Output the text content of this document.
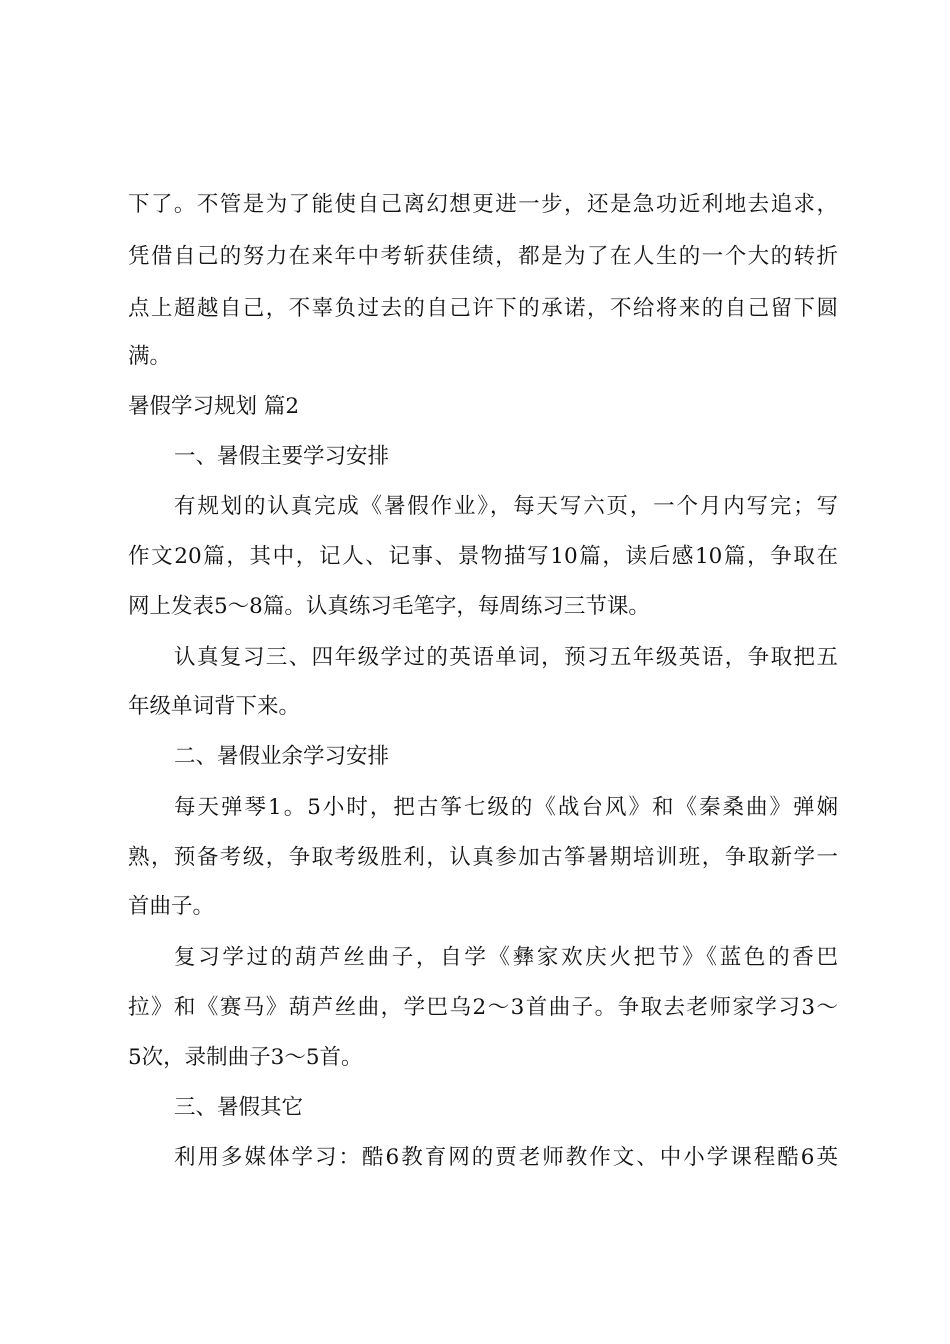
下了。不管是为了能使自己离幻想更进一步，还是急功近利地去追求，
凭借自己的努力在来年中考斩获佳绩，都是为了在人生的一个大的转折
点上超越自己，不辜负过去的自己许下的承诺，不给将来的自己留下圆
满。
暑假学习规划 篇2
一、暑假主要学习安排
有规划的认真完成《暑假作业》，每天写六页，一个月内写完；写
作文20篇，其中，记人、记事、景物描写10篇，读后感10篇，争取在
网上发表5～8篇。认真练习毛笔字，每周练习三节课。
认真复习三、四年级学过的英语单词，预习五年级英语，争取把五
年级单词背下来。
二、暑假业余学习安排
每天弹琴1。5小时，把古筝七级的《战台风》和《秦桑曲》弹娴
熟，预备考级，争取考级胜利，认真参加古筝暑期培训班，争取新学一
首曲子。
复习学过的葫芦丝曲子，自学《彝家欢庆火把节》《蓝色的香巴
拉》和《赛马》葫芦丝曲，学巴乌2～3首曲子。争取去老师家学习3～
5次，录制曲子3～5首。
三、暑假其它
利用多媒体学习：酷6教育网的贾老师教作文、中小学课程酷6英
